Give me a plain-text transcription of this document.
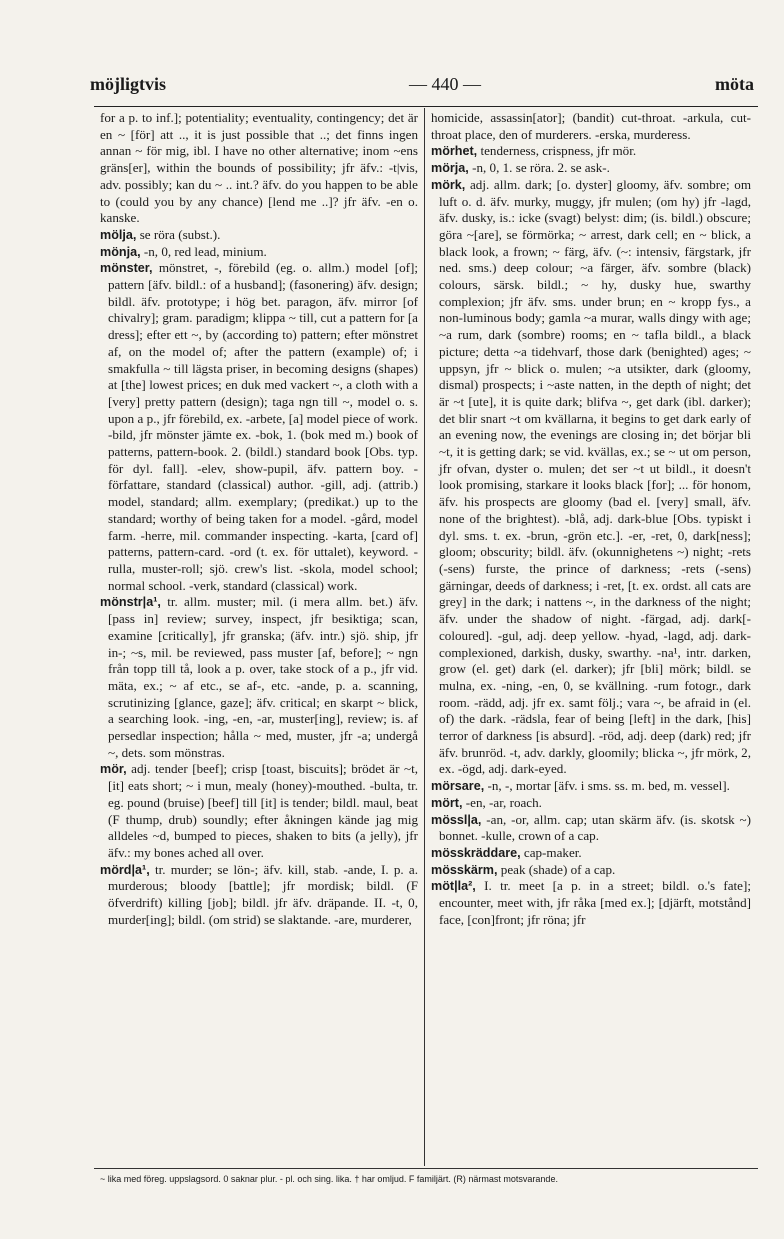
möjligtvis	— 440 —	möta

for a p. to inf.]; potentiality; eventuality, contingency; det är en ~ [för] att .., it is just possible that ..; det finns ingen annan ~ för mig, ibl. I have no other alternative; inom ~ens gräns[er], within the bounds of possibility; jfr äfv.: -t|vis, adv. possibly; kan du ~ .. int.? äfv. do you happen to be able to (could you by any chance) [lend me ..]? jfr äfv. -en o. kanske.

mölja, se röra (subst.).

mönja, -n, 0, red lead, minium.

mönster, mönstret, -, förebild (eg. o. allm.) model [of]; pattern [äfv. bildl.: of a husband]; (fasonering) äfv. design; bildl. äfv. prototype; i hög bet. paragon, äfv. mirror [of chivalry]; gram. paradigm; klippa ~ till, cut a pattern for [a dress]; efter ett ~, by (according to) pattern; efter mönstret af, on the model of; after the pattern (example) of; i smakfulla ~ till lägsta priser, in becoming designs (shapes) at [the] lowest prices; en duk med vackert ~, a cloth with a [very] pretty pattern (design); taga ngn till ~, model o. s. upon a p., jfr förebild, ex. -arbete, [a] model piece of work. -bild, jfr mönster jämte ex. -bok, 1. (bok med m.) book of patterns, pattern-book. 2. (bildl.) standard book [Obs. typ. för dyl. fall]. -elev, show-pupil, äfv. pattern boy. -författare, standard (classical) author. -gill, adj. (attrib.) model, standard; allm. exemplary; (predikat.) up to the standard; worthy of being taken for a model. -gård, model farm. -herre, mil. commander inspecting. -karta, [card of] patterns, pattern-card. -ord (t. ex. för uttalet), keyword. -rulla, muster-roll; sjö. crew's list. -skola, model school; normal school. -verk, standard (classical) work.

mönstr|a¹, tr. allm. muster; mil. (i mera allm. bet.) äfv. [pass in] review; survey, inspect, jfr besiktiga; scan, examine [critically], jfr granska; (äfv. intr.) sjö. ship, jfr in-; ~s, mil. be reviewed, pass muster [af, before]; ~ ngn från topp till tå, look a p. over, take stock of a p., jfr vid. mäta, ex.; ~ af etc., se af-, etc. -ande, p. a. scanning, scrutinizing [glance, gaze]; äfv. critical; en skarpt ~ blick, a searching look. -ing, -en, -ar, muster[ing], review; is. af persedlar inspection; hålla ~ med, muster, jfr -a; undergå ~, dets. som mönstras.

mör, adj. tender [beef]; crisp [toast, biscuits]; brödet är ~t, [it] eats short; ~ i mun, mealy (honey)-mouthed. -bulta, tr. eg. pound (bruise) [beef] till [it] is tender; bildl. maul, beat (F thump, drub) soundly; efter åkningen kände jag mig alldeles ~d, bumped to pieces, shaken to bits (a jelly), jfr äfv.: my bones ached all over.

mörd|a¹, tr. murder; se lön-; äfv. kill, stab. -ande, I. p. a. murderous; bloody [battle]; jfr mordisk; bildl. (F öfverdrift) killing [job]; bildl. jfr äfv. dräpande. II. -t, 0, murder[ing]; bildl. (om strid) se slaktande. -are, murderer,

homicide, assassin[ator]; (bandit) cut-throat. -arkula, cut-throat place, den of murderers. -erska, murderess.

mörhet, tenderness, crispness, jfr mör.

mörja, -n, 0, 1. se röra. 2. se ask-.

mörk, adj. allm. dark; [o. dyster] gloomy, äfv. sombre; om luft o. d. äfv. murky, muggy, jfr mulen; (om hy) jfr -lagd, äfv. dusky, is.: icke (svagt) belyst: dim; (is. bildl.) obscure; göra ~[are], se förmörka; ~ arrest, dark cell; en ~ blick, a black look, a frown; ~ färg, äfv. (~: intensiv, färgstark, jfr ned. sms.) deep colour; ~a färger, äfv. sombre (black) colours, särsk. bildl.; ~ hy, dusky hue, swarthy complexion; jfr äfv. sms. under brun; en ~ kropp fys., a non-luminous body; gamla ~a murar, walls dingy with age; ~a rum, dark (sombre) rooms; en ~ tafla bildl., a black picture; detta ~a tidehvarf, those dark (benighted) ages; ~ uppsyn, jfr ~ blick o. mulen; ~a utsikter, dark (gloomy, dismal) prospects; i ~aste natten, in the depth of night; det är ~t [ute], it is quite dark; blifva ~, get dark (ibl. darker); det blir snart ~t om kvällarna, it begins to get dark early of an evening now, the evenings are closing in; det börjar bli ~t, it is getting dark; se vid. kvällas, ex.; se ~ ut om person, jfr ofvan, dyster o. mulen; det ser ~t ut bildl., it doesn't look promising, starkare it looks black [for]; ... för honom, äfv. his prospects are gloomy (bad el. [very] small, äfv. none of the brightest). -blå, adj. dark-blue [Obs. typiskt i dyl. sms. t. ex. -brun, -grön etc.]. -er, -ret, 0, dark[ness]; gloom; obscurity; bildl. äfv. (okunnighetens ~) night; -rets (-sens) furste, the prince of darkness; -rets (-sens) gärningar, deeds of darkness; i -ret, [t. ex. ordst. all cats are grey] in the dark; i nattens ~, in the darkness of the night; äfv. under the shadow of night. -färgad, adj. dark[-coloured]. -gul, adj. deep yellow. -hyad, -lagd, adj. dark-complexioned, darkish, dusky, swarthy. -na¹, intr. darken, grow (el. get) dark (el. darker); jfr [bli] mörk; bildl. se mulna, ex. -ning, -en, 0, se kvällning. -rum fotogr., dark room. -rädd, adj. jfr ex. samt följ.; vara ~, be afraid in (el. of) the dark. -rädsla, fear of being [left] in the dark, [his] terror of darkness [is absurd]. -röd, adj. deep (dark) red; jfr äfv. brunröd. -t, adv. darkly, gloomily; blicka ~, jfr mörk, 2, ex. -ögd, adj. dark-eyed.

mörsare, -n, -, mortar [äfv. i sms. ss. m. bed, m. vessel].

mört, -en, -ar, roach.

mössl|a, -an, -or, allm. cap; utan skärm äfv. (is. skotsk ~) bonnet. -kulle, crown of a cap.

mösskräddare, cap-maker.

mösskärm, peak (shade) of a cap.

möt|la², I. tr. meet [a p. in a street; bildl. o.'s fate]; encounter, meet with, jfr råka [med ex.]; [djärft, motstånd] face, [con]front; jfr röna; jfr

~ lika med föreg. uppslagsord. 0 saknar plur. - pl. och sing. lika. † har omljud. F familjärt. (R) närmast motsvarande.
